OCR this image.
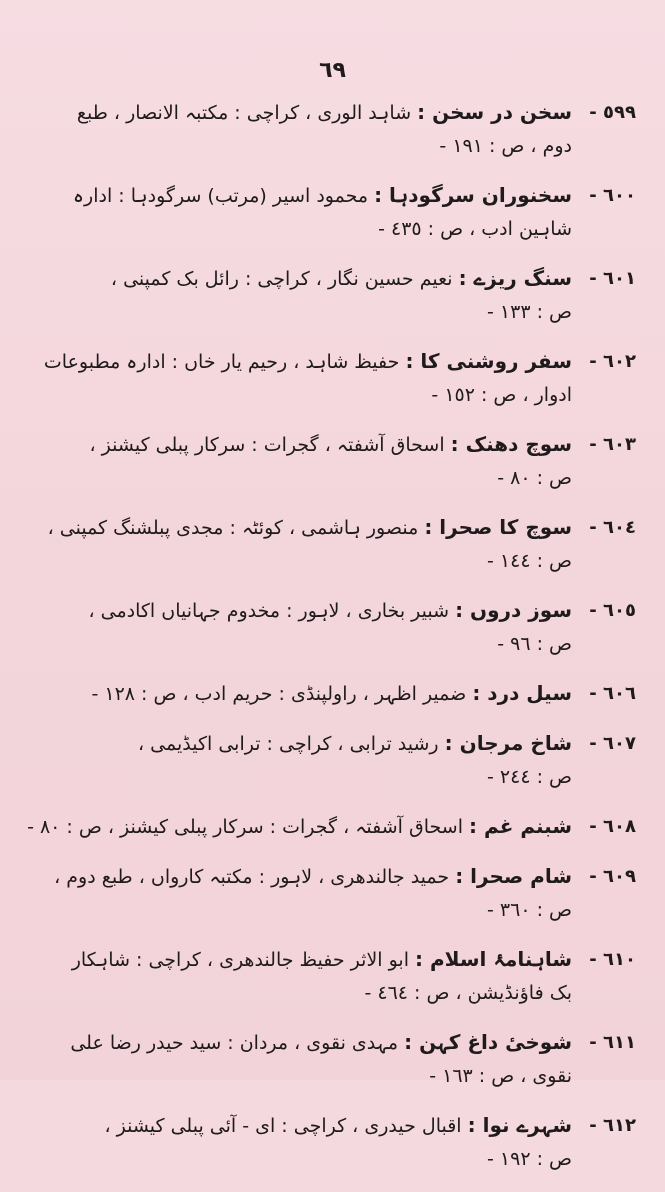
٦٩
٥٩٩ -
سخن در سخن : شاہد الوری ، کراچی : مکتبہ الانصار ، طبع
دوم ، ص : ١٩١ -
٦٠٠ -
سخنوران سرگودہا : محمود اسیر (مرتب) سرگودہا : ادارہ
شاہین ادب ، ص : ٤٣٥ -
٦٠١ -
سنگ ریزے : نعیم حسین نگار ، کراچی : رائل بک کمپنی ،
ص : ١٣٣ -
٦٠٢ -
سفر روشنی کا : حفیظ شاہد ، رحیم یار خاں : ادارہ مطبوعات
ادوار ، ص : ١٥٢ -
٦٠٣ -
سوچ دھنک : اسحاق آشفتہ ، گجرات : سرکار پبلی کیشنز ،
ص : ٨٠ -
٦٠٤ -
سوچ کا صحرا : منصور ہاشمی ، کوئٹہ : مجدی پبلشنگ کمپنی ،
ص : ١٤٤ -
٦٠٥ -
سوز دروں : شبیر بخاری ، لاہور : مخدوم جہانیاں اکادمی ،
ص : ٩٦ -
٦٠٦ -
سیل درد : ضمیر اظہر ، راولپنڈی : حریم ادب ، ص : ١٢٨ -
٦٠٧ -
شاخ مرجان : رشید ترابی ، کراچی : ترابی اکیڈیمی ،
ص : ٢٤٤ -
٦٠٨ -
شبنم غم : اسحاق آشفتہ ، گجرات : سرکار پبلی کیشنز ، ص : ٨٠ -
٦٠٩ -
شام صحرا : حمید جالندھری ، لاہور : مکتبہ کارواں ، طبع دوم ،
ص : ٣٦٠ -
٦١٠ -
شاہنامۂ اسلام : ابو الاثر حفیظ جالندھری ، کراچی : شاہکار
بک فاؤنڈیشن ، ص : ٤٦٤ -
٦١١ -
شوخیٔ داغ کہن : مہدی نقوی ، مردان : سید حیدر رضا علی
نقوی ، ص : ١٦٣ -
٦١٢ -
شہرے نوا : اقبال حیدری ، کراچی : ای - آئی پبلی کیشنز ،
ص : ١٩٢ -
